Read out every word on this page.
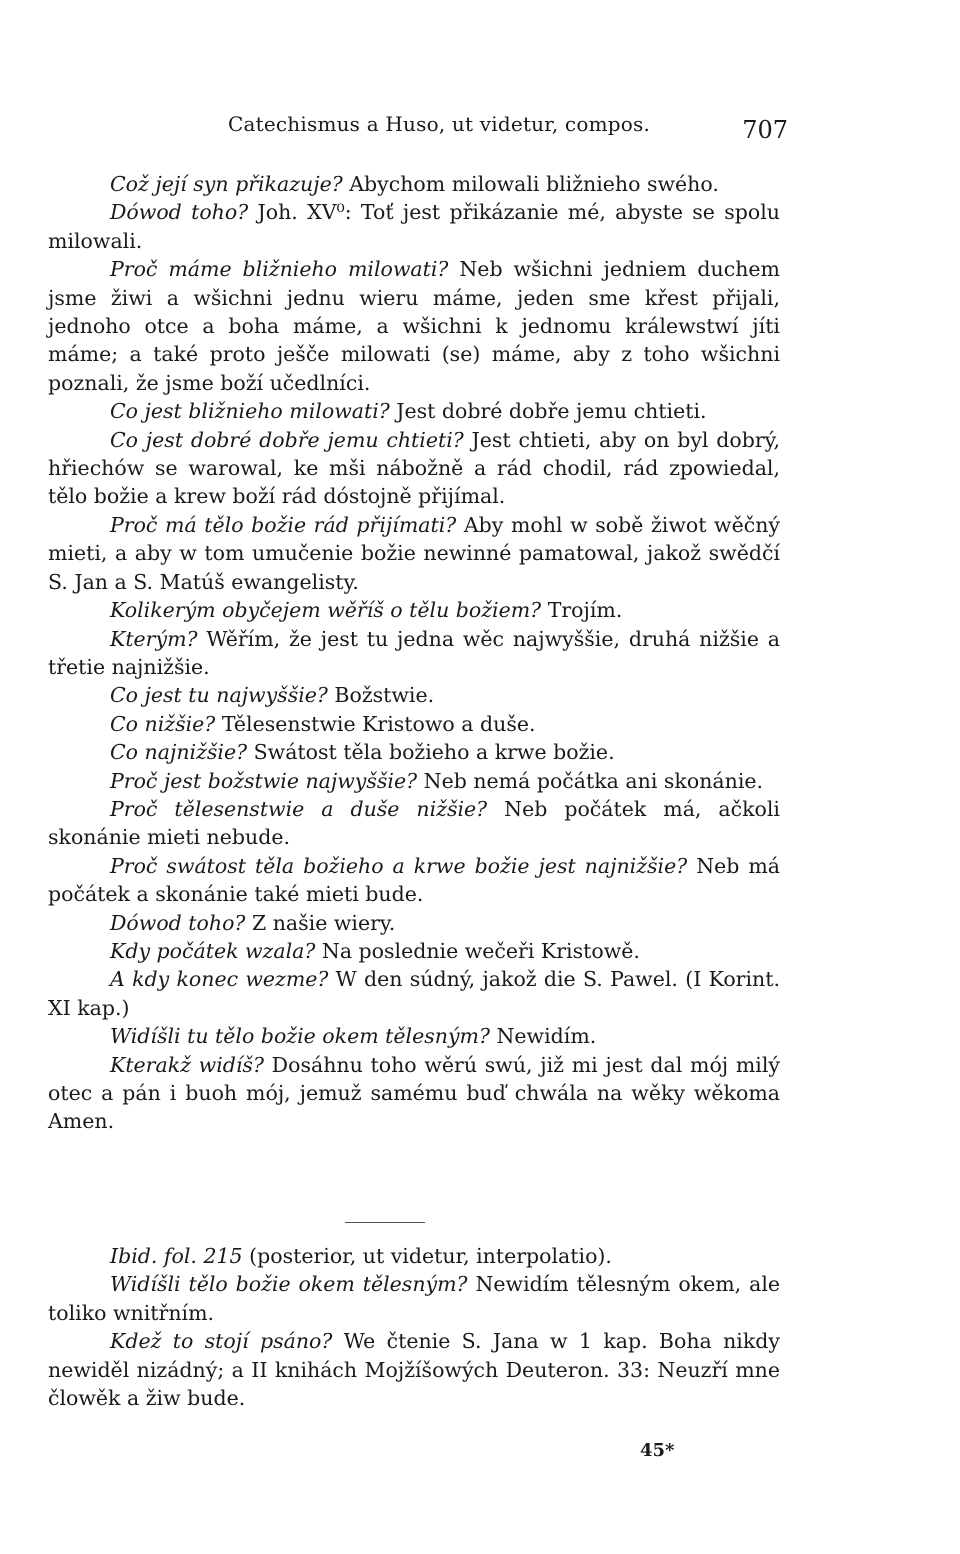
Catechismus a Huso, ut videtur, compos.	707

Což její syn přikazuje? Abychom milowali bližnieho swého.

Dówod toho? Joh. XV⁰: Toť jest přikázanie mé, abyste se spolu milowali.

Proč máme bližnieho milowati? Neb wšichni jedniem duchem jsme žiwi a wšichni jednu wieru máme, jeden sme křest přijali, jednoho otce a boha máme, a wšichni k jednomu králewstwí jíti máme; a také proto ješče milowati (se) máme, aby z toho wšichni poznali, že jsme boží učedlníci.

Co jest bližnieho milowati? Jest dobré dobře jemu chtieti.

Co jest dobré dobře jemu chtieti? Jest chtieti, aby on byl dobrý, hřiechów se warowal, ke mši nábožně a rád chodil, rád zpowiedal, tělo božie a krew boží rád dóstojně přijímal.

Proč má tělo božie rád přijímati? Aby mohl w sobě žiwot wěčný mieti, a aby w tom umučenie božie newinné pamatowal, jakož swědčí S. Jan a S. Matúš ewangelisty.

Kolikerým obyčejem wěříš o tělu božiem? Trojím.

Kterým? Wěřím, že jest tu jedna wěc najwyššie, druhá nižšie a třetie najnižšie.

Co jest tu najwyššie? Božstwie.

Co nižšie? Tělesenstwie Kristowo a duše.

Co najnižšie? Swátost těla božieho a krwe božie.

Proč jest božstwie najwyššie? Neb nemá počátka ani skonánie.

Proč tělesenstwie a duše nižšie? Neb počátek má, ačkoli skonánie mieti nebude.

Proč swátost těla božieho a krwe božie jest najnižšie? Neb má počátek a skonánie také mieti bude.

Dówod toho? Z našie wiery.

Kdy počátek wzala? Na poslednie wečeři Kristowě.

A kdy konec wezme? W den súdný, jakož die S. Pawel. (I Korint. XI kap.)

Widíšli tu tělo božie okem tělesným? Newidím.

Kterakž widíš? Dosáhnu toho wěrú swú, již mi jest dal mój milý otec a pán i buoh mój, jemuž samému buď chwála na wěky wěkoma Amen.

Ibid. fol. 215 (posterior, ut videtur, interpolatio).

Widíšli tělo božie okem tělesným? Newidím tělesným okem, ale toliko wnitřním.

Kdež to stojí psáno? We čtenie S. Jana w 1 kap. Boha nikdy newiděl nizádný; a II knihách Mojžíšowých Deuteron. 33: Neuzří mne člowěk a žiw bude.

45*
